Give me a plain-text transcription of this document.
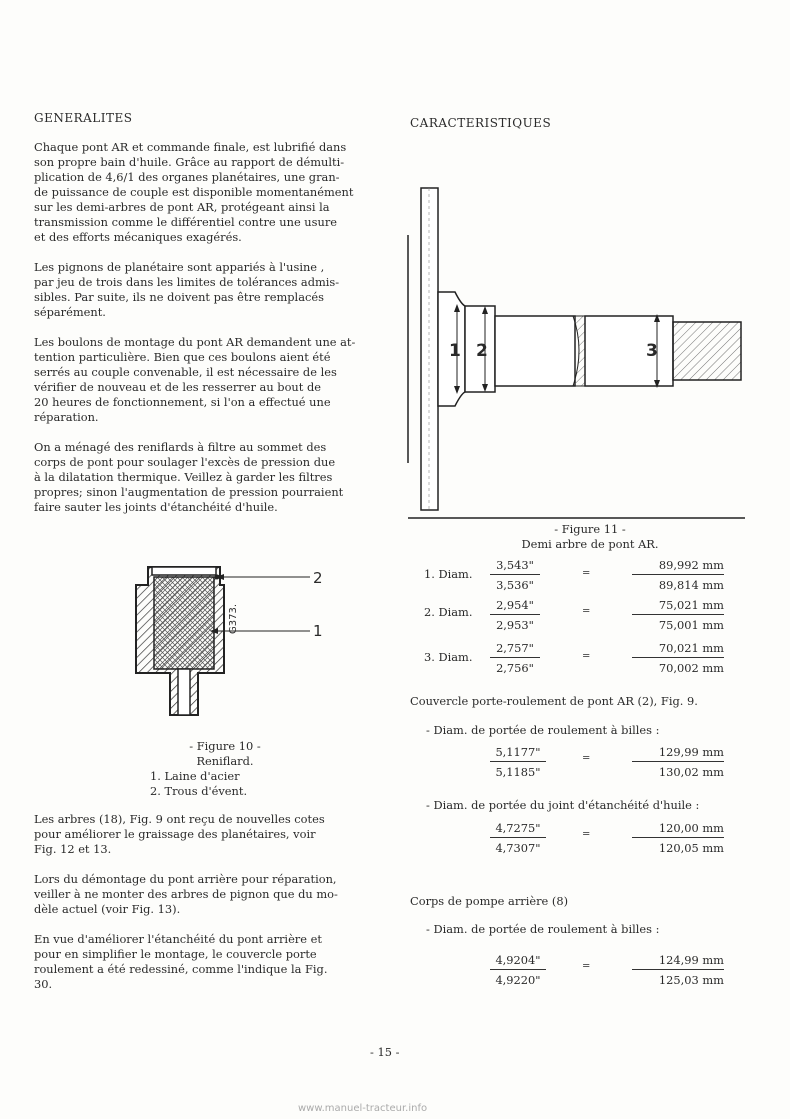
GENERALITES

Chaque pont AR et commande finale, est lubrifié dans
son propre bain d'huile. Grâce au rapport de démulti-
plication de 4,6/1 des organes planétaires, une gran-
de puissance de couple est disponible momentanément
sur les demi-arbres de pont AR, protégeant ainsi la
transmission comme le différentiel contre une usure
et des efforts mécaniques exagérés.

Les pignons de planétaire sont appariés à l'usine ,
par jeu de trois dans les limites de tolérances admis-
sibles. Par suite, ils ne doivent pas être remplacés
séparément.

Les boulons de montage du pont AR demandent une at-
tention particulière. Bien que ces boulons aient été
serrés au couple convenable, il est nécessaire de les
vérifier de nouveau et de les resserrer au bout de
20 heures de fonctionnement, si l'on a effectué une
réparation.

On a ménagé des reniflards à filtre au sommet des
corps de pont pour soulager l'excès de pression due
à la dilatation thermique. Veillez à garder les filtres
propres; sinon l'augmentation de pression pourraient
faire sauter les joints d'étanchéité d'huile.

2
1
G373.
- Figure 10 -
Reniflard.
1. Laine d'acier
2. Trous d'évent.

Les arbres (18), Fig. 9 ont reçu de nouvelles cotes
pour améliorer le graissage des planétaires, voir
Fig. 12 et 13.

Lors du démontage du pont arrière pour réparation,
veiller à ne monter des arbres de pignon que du mo-
dèle actuel (voir Fig. 13).

En vue d'améliorer l'étanchéité du pont arrière et
pour en simplifier le montage, le couvercle porte
roulement a été redessiné, comme l'indique la Fig.
30.

CARACTERISTIQUES
1 2	3
- Figure 11 -
Demi arbre de pont AR.
1. Diam. $\frac{3,543"}{3,536"}$	=	$\frac{89,992 mm}{89,814 mm}$
2. Diam. $\frac{2,954"}{2,953"}$	=	$\frac{75,021 mm}{75,001 mm}$
3. Diam. $\frac{2,757"}{2,756"}$	=	$\frac{70,021 mm}{70,002 mm}$
Couvercle porte-roulement de pont AR (2), Fig. 9.
- Diam. de portée de roulement à billes :
$\frac{5,1177"}{5,1185"}$	=	$\frac{129,99 mm}{130,02 mm}$
- Diam. de portée du joint d'étanchéité d'huile :
$\frac{4,7275"}{4,7307"}$	=	$\frac{120,00 mm}{120,05 mm}$
Corps de pompe arrière (8)
- Diam. de portée de roulement à billes :
$\frac{4,9204"}{4,9220"}$	=	$\frac{124,99 mm}{125,03 mm}$
- 15 -
www.manuel-tracteur.info
